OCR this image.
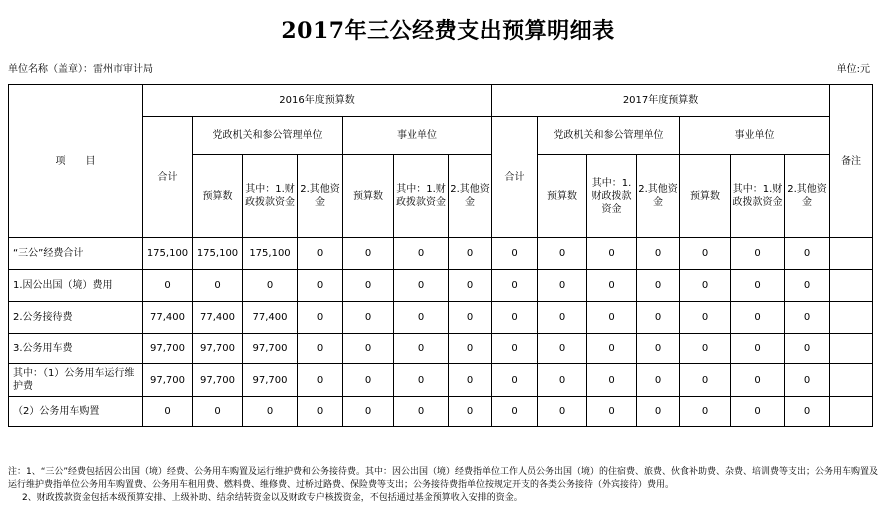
2017年三公经费支出预算明细表
单位名称（盖章）：雷州市审计局	单位:元
项　　目	2016年度预算数							2017年度预算数							备注
	合计	党政机关和参公管理单位			事业单位			合计	党政机关和参公管理单位			事业单位			
		预算数	其中：1.财政拨款资金	2.其他资金	预算数	其中：1.财政拨款资金	2.其他资金		预算数	其中：1.财政拨款资金	2.其他资金	预算数	其中：1.财政拨款资金	2.其他资金	

“三公”经费合计	175,100	175,100	175,100	0	0	0	0	0	0	0	0	0	0	0	
1.因公出国（境）费用	0	0	0	0	0	0	0	0	0	0	0	0	0	0	
2.公务接待费	77,400	77,400	77,400	0	0	0	0	0	0	0	0	0	0	0	
3.公务用车费	97,700	97,700	97,700	0	0	0	0	0	0	0	0	0	0	0	
其中：（1）公务用车运行维护费	97,700	97,700	97,700	0	0	0	0	0	0	0	0	0	0	0	
（2）公务用车购置	0	0	0	0	0	0	0	0	0	0	0	0	0	0	

注：1、“三公”经费包括因公出国（境）经费、公务用车购置及运行维护费和公务接待费。其中：因公出国（境）经费指单位工作人员公务出国（境）的住宿费、旅费、伙食补助费、杂费、培训费等支出；公务用车购置及运行维护费指单位公务用车购置费、公务用车租用费、燃料费、维修费、过桥过路费、保险费等支出；公务接待费指单位按规定开支的各类公务接待（外宾接待）费用。

2、财政拨款资金包括本级预算安排、上级补助、结余结转资金以及财政专户核拨资金，不包括通过基金预算收入安排的资金。
